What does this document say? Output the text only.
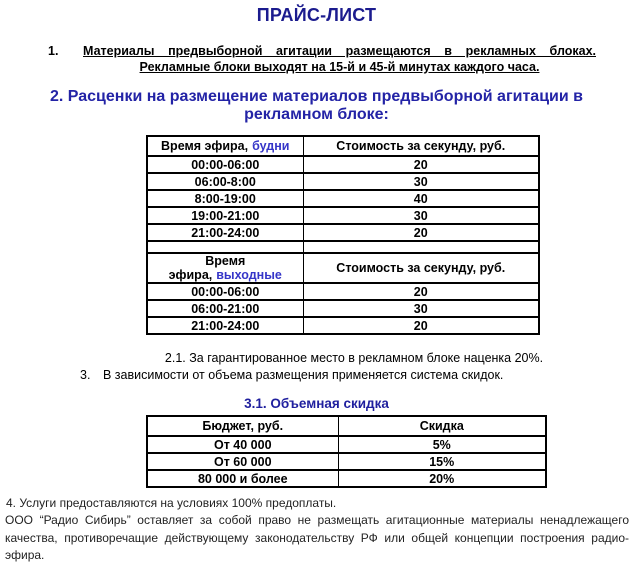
ПРАЙС-ЛИСТ
1.	Материалы предвыборной агитации размещаются в рекламных блоках. Рекламные блоки выходят на 15-й и 45-й минутах каждого часа.
2. Расценки на размещение материалов предвыборной агитации в рекламном блоке:
Время эфира, будни	Стоимость за секунду, руб.
00:00-06:00	20
06:00-8:00	30
8:00-19:00	40
19:00-21:00	30
21:00-24:00	20

Время эфира, выходные	Стоимость за секунду, руб.
00:00-06:00	20
06:00-21:00	30
21:00-24:00	20
2.1. За гарантированное место в рекламном блоке наценка 20%.
3.	В зависимости от объема размещения применяется система скидок.
3.1. Объемная скидка
Бюджет, руб.	Скидка
От 40 000	5%
От 60 000	15%
80 000 и более	20%
4. Услуги предоставляются на условиях 100% предоплаты.
ООО “Радио Сибирь” оставляет за собой право не размещать агитационные материалы ненадлежащего качества, противоречащие действующему законодательству РФ или общей концепции построения радио-эфира.
